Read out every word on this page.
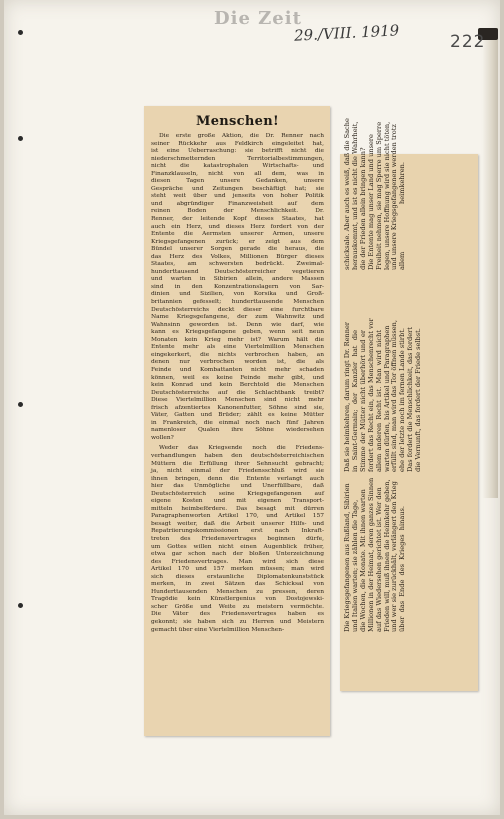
Die Zeit
29./VIII. 1919	222
Menschen!
Die erste große Aktion, die Dr. Renner nach
seiner Rückkehr aus Feldkirch eingeleitet hat,
ist eine Ueberraschung: sie betrifft nicht die
niederschmetternden Territorialbestimmungen,
nicht die katastrophalen Wirtschafts- und
Finanzklauseln, nicht von all dem, was in
diesen Tagen unsere Gedanken, unsere
Gespräche und Zeitungen beschäftigt hat; sie
steht weit über und jenseits von hoher Politik
und abgründiger Finanzweisheit auf dem
reinen Boden der Menschlichkeit. Dr.
Renner, der leitende Kopf dieses Staates, hat
auch ein Herz, und dieses Herz fordert von der
Entente die Aermsten unserer Armen, unsere
Kriegsgefangenen zurück; er zeigt aus dem
Bündel unserer Sorgen gerade die heraus, die
das Herz des Volkes, Millionen Bürger dieses
Staates, am schwersten bedrückt. Zweimal-
hunderttausend Deutschösterreicher vegetieren
und warten in Sibirien allein, andere Massen
sind in den Konzentrationslagern von Sar-
dinien und Sizilien, von Korsika und Groß-
britannien gefesselt; hunderttausende Menschen
Deutschösterreichs deckt dieser eine furchtbare
Name Kriegsgefangene, der zum Wahnwitz und
Wahnsinn geworden ist. Denn wie darf, wie
kann es Kriegsgefangene geben, wenn seit neun
Monaten kein Krieg mehr ist? Warum hält die
Entente mehr als eine Viertelmillion Menschen
eingekerkert, die nichts verbrochen haben, an
denen nur verbrochen worden ist, die als
Feinde und Kombattanten nicht mehr schaden
können, weil es keine Feinde mehr gibt, und
kein Konrad und kein Berchtold die Menschen
Deutschösterreichs auf die Schlachtbank treibt?
Diese Viertelmillion Menschen sind nicht mehr
frisch afzentiertes Kanonenfutter, Söhne sind sie,
Väter, Gatten und Brüder; zählt es keine Mütter
in Frankreich, die einmal noch nach fünf Jahren
namenloser Qualen ihre Söhne wiedersehen
wollen?
Weder das Kriegsende noch die Friedens-
verhandlungen haben den deutschösterreichischen
Müttern die Erfüllung ihrer Sehnsucht gebracht;
ja, nicht einmal der Friedensschluß wird sie
ihnen bringen, denn die Entente verlangt auch
hier das Unmögliche und Unerfüllbare, daß
Deutschösterreich seine Kriegsgefangenen auf
eigene Kosten und mit eigenen Transport-
mitteln heimbefördere. Das besagt mit dürren
Paragraphenworten Artikel 170, und Artikel 157
besagt weiter, daß die Arbeit unserer Hilfs- und
Repatriierungskommissionen erst nach Inkraft-
treten des Friedensvertrages beginnen dürfe,
um Gottes willen nicht einen Augenblick früher,
etwa gar schon nach der bloßen Unterzeichnung
des Friedensvertrages. Man wird sich diese
Artikel 170 und 157 merken müssen; man wird
sich dieses erstaunliche Diplomatenkunststück
merken, in zwei Sätzen das Schicksal von
Hunderttausenden Menschen zu pressen, deren
Tragödie kein Künstlergenius von Dostojewski-
scher Größe und Weite zu meistern vermöchte.
Die Väter des Friedensvertrages haben es
gekonnt; sie haben sich zu Herren und Meistern
gemacht über eine Viertelmillion Menschen-
schicksale. Aber auch es weiß, daß die Sache herauskommt, und ist es nicht die Wahrheit, die der Frieden allein bringen kann? Die Entente mag unser Land und unsere Freiheit nehmen, sie mag Sperre um Sperre legen, unsere Hoffnung wird sie nicht töten, und unsere Kriegsgefangenen werden trotz allem heimkehren.
Daß sie heimkehren, darum ringt Dr. Renner in Saint-Germain; der Kanzler hat die Stimme der Mütter nicht überhört und er fordert das Recht ein, das Menschenrecht vor allem anderen Recht ist. Man wird nicht warten dürfen, bis Artikel und Paragraphen erfüllt sind, man wird das Tor öffnen müssen, ehe der letzte noch im fernen Lande stirbt. Das fordert die Menschlichkeit, das fordert die Vernunft, das fordert der Friede selbst.
Die Kriegsgefangenen aus Rußland, Sibirien und Italien warten; sie zählen die Tage, die Wochen, die Monate. Mit ihnen warten Millionen in der Heimat, deren ganzes Sinnen auf das Wiedersehen gerichtet ist. Wer den Frieden will, muß ihnen die Heimkehr geben, und wer sie zurückhält, verlängert den Krieg über das Ende des Krieges hinaus.
